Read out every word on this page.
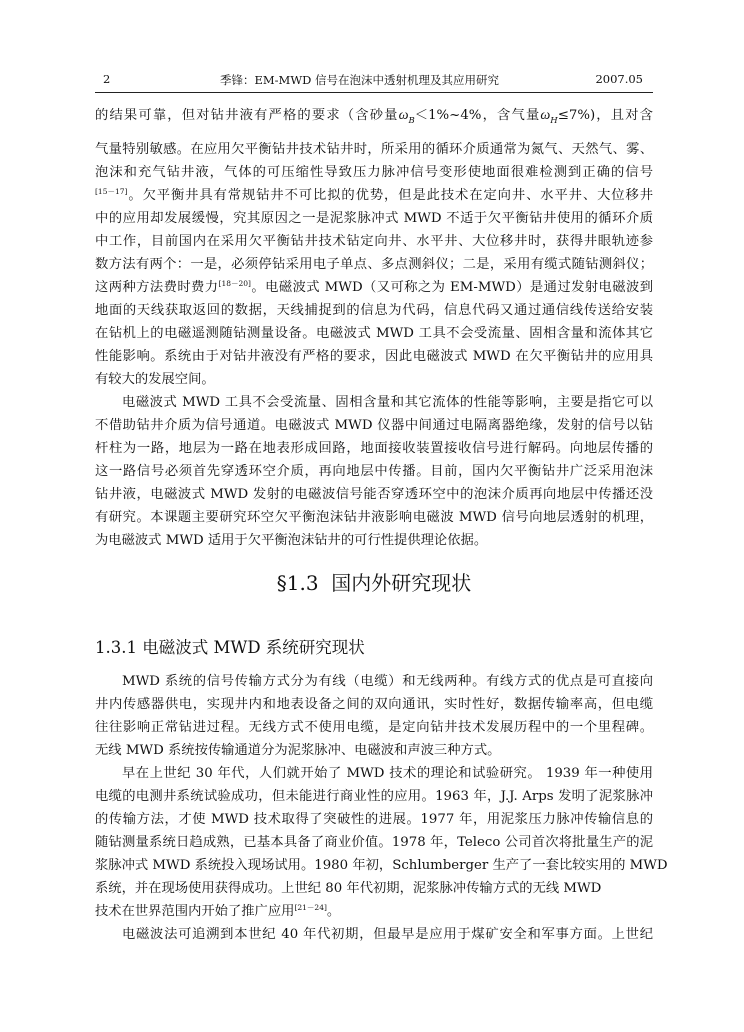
2	季锋：EM-MWD 信号在泡沫中透射机理及其应用研究	2007.05
的结果可靠，但对钻井液有严格的要求（含砂量$\omega_B<1\%\sim 4\%$，含气量$\omega_H\le 7\%$)，且对含
气量特别敏感。在应用欠平衡钻井技术钻井时，所采用的循环介质通常为氮气、天然气、雾、
泡沫和充气钻井液，气体的可压缩性导致压力脉冲信号变形使地面很难检测到正确的信号
[15－17]。欠平衡井具有常规钻井不可比拟的优势，但是此技术在定向井、水平井、大位移井
中的应用却发展缓慢，究其原因之一是泥浆脉冲式 MWD 不适于欠平衡钻井使用的循环介质
中工作，目前国内在采用欠平衡钻井技术钻定向井、水平井、大位移井时，获得井眼轨迹参
数方法有两个：一是，必须停钻采用电子单点、多点测斜仪；二是，采用有缆式随钻测斜仪；
这两种方法费时费力[18－20]。电磁波式 MWD（又可称之为 EM-MWD）是通过发射电磁波到
地面的天线获取返回的数据，天线捕捉到的信息为代码，信息代码又通过通信线传送给安装
在钻机上的电磁遥测随钻测量设备。电磁波式 MWD 工具不会受流量、固相含量和流体其它
性能影响。系统由于对钻井液没有严格的要求，因此电磁波式 MWD 在欠平衡钻井的应用具
有较大的发展空间。
电磁波式 MWD 工具不会受流量、固相含量和其它流体的性能等影响，主要是指它可以
不借助钻井介质为信号通道。电磁波式 MWD 仪器中间通过电隔离器绝缘，发射的信号以钻
杆柱为一路，地层为一路在地表形成回路，地面接收装置接收信号进行解码。向地层传播的
这一路信号必须首先穿透环空介质，再向地层中传播。目前，国内欠平衡钻井广泛采用泡沫
钻井液，电磁波式 MWD 发射的电磁波信号能否穿透环空中的泡沫介质再向地层中传播还没
有研究。本课题主要研究环空欠平衡泡沫钻井液影响电磁波 MWD 信号向地层透射的机理，
为电磁波式 MWD 适用于欠平衡泡沫钻井的可行性提供理论依据。
§1.3 国内外研究现状
1.3.1 电磁波式 MWD 系统研究现状
MWD 系统的信号传输方式分为有线（电缆）和无线两种。有线方式的优点是可直接向
井内传感器供电，实现井内和地表设备之间的双向通讯，实时性好，数据传输率高，但电缆
往往影响正常钻进过程。无线方式不使用电缆，是定向钻井技术发展历程中的一个里程碑。
无线 MWD 系统按传输通道分为泥浆脉冲、电磁波和声波三种方式。
早在上世纪 30 年代，人们就开始了 MWD 技术的理论和试验研究。 1939 年一种使用
电缆的电测井系统试验成功，但未能进行商业性的应用。1963 年，J.J. Arps 发明了泥浆脉冲
的传输方法，才使 MWD 技术取得了突破性的进展。1977 年，用泥浆压力脉冲传输信息的
随钻测量系统日趋成熟，已基本具备了商业价值。1978 年，Teleco 公司首次将批量生产的泥
浆脉冲式 MWD 系统投入现场试用。1980 年初，Schlumberger 生产了一套比较实用的 MWD
系统，并在现场使用获得成功。上世纪 80 年代初期，泥浆脉冲传输方式的无线 MWD
技术在世界范围内开始了推广应用[21－24]。
电磁波法可追溯到本世纪 40 年代初期，但最早是应用于煤矿安全和军事方面。上世纪
